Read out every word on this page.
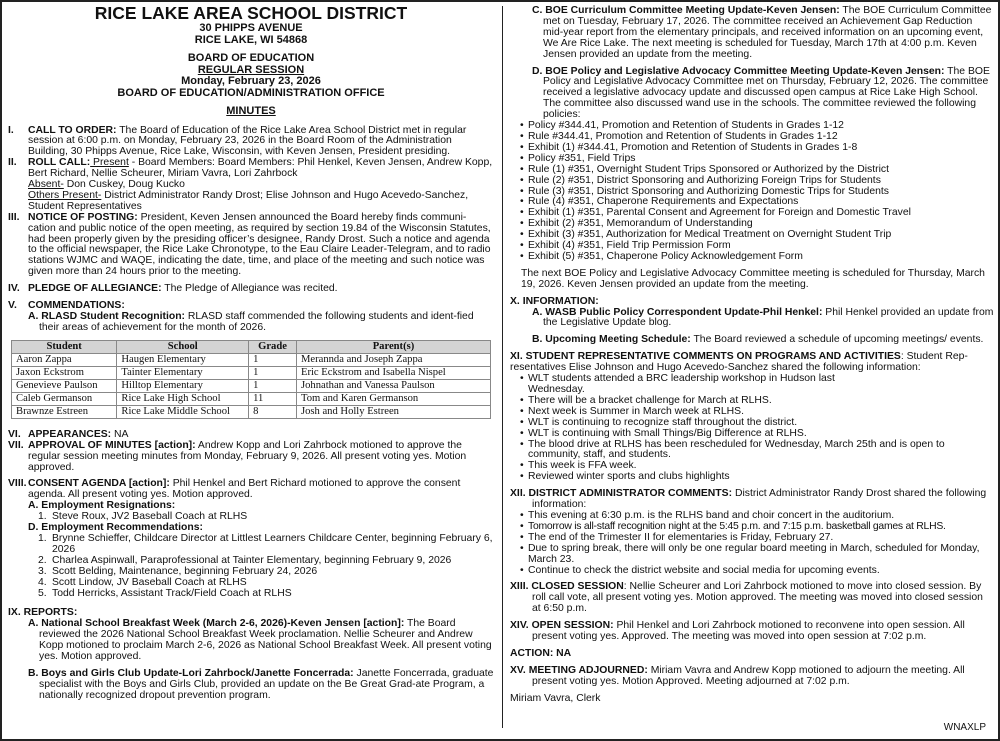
RICE LAKE AREA SCHOOL DISTRICT
30 PHIPPS AVENUE
RICE LAKE, WI 54868
BOARD OF EDUCATION
REGULAR SESSION
Monday, February 23, 2026
BOARD OF EDUCATION/ADMINISTRATION OFFICE
MINUTES
I. CALL TO ORDER: The Board of Education of the Rice Lake Area School District met in regular session at 6:00 p.m. on Monday, February 23, 2026 in the Board Room of the Administration Building, 30 Phipps Avenue, Rice Lake, Wisconsin, with Keven Jensen, President presiding.
II. ROLL CALL: Present - Board Members: Board Members: Phil Henkel, Keven Jensen, Andrew Kopp, Bert Richard, Nellie Scheurer, Miriam Vavra, Lori Zahrbock
Absent- Don Cuskey, Doug Kucko
Others Present- District Administrator Randy Drost; Elise Johnson and Hugo Acevedo-Sanchez, Student Representatives
III. NOTICE OF POSTING: President, Keven Jensen announced the Board hereby finds communi-cation and public notice of the open meeting, as required by section 19.84 of the Wisconsin Statutes, had been properly given by the presiding officer’s designee, Randy Drost. Such a notice and agenda to the official newspaper, the Rice Lake Chronotype, to the Eau Claire Leader-Telegram, and to radio stations WJMC and WAQE, indicating the date, time, and place of the meeting and such notice was given more than 24 hours prior to the meeting.
IV. PLEDGE OF ALLEGIANCE: The Pledge of Allegiance was recited.
V. COMMENDATIONS:
A. RLASD Student Recognition: RLASD staff commended the following students and ident-fied their areas of achievement for the month of 2026.
Student	School	Grade	Parent(s)
Aaron Zappa	Haugen Elementary	1	Merannda and Joseph Zappa
Jaxon Eckstrom	Tainter Elementary	1	Eric Eckstrom and Isabella Nispel
Genevieve Paulson	Hilltop Elementary	1	Johnathan and Vanessa Paulson
Caleb Germanson	Rice Lake High School	11	Tom and Karen Germanson
Brawnze Estreen	Rice Lake Middle School	8	Josh and Holly Estreen
VI. APPEARANCES: NA
VII. APPROVAL OF MINUTES [action]: Andrew Kopp and Lori Zahrbock motioned to approve the regular session meeting minutes from Monday, February 9, 2026. All present voting yes. Motion approved.
VIII. CONSENT AGENDA [action]: Phil Henkel and Bert Richard motioned to approve the consent agenda. All present voting yes. Motion approved.
A. Employment Resignations:
1. Steve Roux, JV2 Baseball Coach at RLHS
D. Employment Recommendations:
1. Brynne Schieffer, Childcare Director at Littlest Learners Childcare Center, beginning February 6, 2026
2. Charlea Aspinwall, Paraprofessional at Tainter Elementary, beginning February 9, 2026
3. Scott Belding, Maintenance, beginning February 24, 2026
4. Scott Lindow, JV Baseball Coach at RLHS
5. Todd Herricks, Assistant Track/Field Coach at RLHS
IX. REPORTS:
A. National School Breakfast Week (March 2-6, 2026)-Keven Jensen [action]: The Board reviewed the 2026 National School Breakfast Week proclamation. Nellie Scheurer and Andrew Kopp motioned to proclaim March 2-6, 2026 as National School Breakfast Week. All present voting yes. Motion approved.
B. Boys and Girls Club Update-Lori Zahrbock/Janette Foncerrada: Janette Foncerrada, graduate specialist with the Boys and Girls Club, provided an update on the Be Great Grad-ate Program, a nationally recognized dropout prevention program.
C. BOE Curriculum Committee Meeting Update-Keven Jensen: The BOE Curriculum Committee met on Tuesday, February 17, 2026. The committee received an Achievement Gap Reduction mid-year report from the elementary principals, and received information on an upcoming event, We Are Rice Lake. The next meeting is scheduled for Tuesday, March 17th at 4:00 p.m. Keven Jensen provided an update from the meeting.
D. BOE Policy and Legislative Advocacy Committee Meeting Update-Keven Jensen: The BOE Policy and Legislative Advocacy Committee met on Thursday, February 12, 2026. The committee received a legislative advocacy update and discussed open campus at Rice Lake High School. The committee also discussed wand use in the schools. The committee reviewed the following policies:
• Policy #344.41, Promotion and Retention of Students in Grades 1-12
• Rule #344.41, Promotion and Retention of Students in Grades 1-12
• Exhibit (1) #344.41, Promotion and Retention of Students in Grades 1-8
• Policy #351, Field Trips
• Rule (1) #351, Overnight Student Trips Sponsored or Authorized by the District
• Rule (2) #351, District Sponsoring and Authorizing Foreign Trips for Students
• Rule (3) #351, District Sponsoring and Authorizing Domestic Trips for Students
• Rule (4) #351, Chaperone Requirements and Expectations
• Exhibit (1) #351, Parental Consent and Agreement for Foreign and Domestic Travel
• Exhibit (2) #351, Memorandum of Understanding
• Exhibit (3) #351, Authorization for Medical Treatment on Overnight Student Trip
• Exhibit (4) #351, Field Trip Permission Form
• Exhibit (5) #351, Chaperone Policy Acknowledgement Form
The next BOE Policy and Legislative Advocacy Committee meeting is scheduled for Thursday, March 19, 2026. Keven Jensen provided an update from the meeting.
X. INFORMATION:
A. WASB Public Policy Correspondent Update-Phil Henkel: Phil Henkel provided an update from the Legislative Update blog.
B. Upcoming Meeting Schedule: The Board reviewed a schedule of upcoming meetings/ events.
XI. STUDENT REPRESENTATIVE COMMENTS ON PROGRAMS AND ACTIVITIES: Student Rep-resentatives Elise Johnson and Hugo Acevedo-Sanchez shared the following information:
• WLT students attended a BRC leadership workshop in Hudson last Wednesday.
• There will be a bracket challenge for March at RLHS.
• Next week is Summer in March week at RLHS.
• WLT is continuing to recognize staff throughout the district.
• WLT is continuing with Small Things/Big Difference at RLHS.
• The blood drive at RLHS has been rescheduled for Wednesday, March 25th and is open to community, staff, and students.
• This week is FFA week.
• Reviewed winter sports and clubs highlights
XII. DISTRICT ADMINISTRATOR COMMENTS: District Administrator Randy Drost shared the following information:
• This evening at 6:30 p.m. is the RLHS band and choir concert in the auditorium.
• Tomorrow is all-staff recognition night at the 5:45 p.m. and 7:15 p.m. basketball games at RLHS.
• The end of the Trimester II for elementaries is Friday, February 27.
• Due to spring break, there will only be one regular board meeting in March, scheduled for Monday, March 23.
• Continue to check the district website and social media for upcoming events.
XIII. CLOSED SESSION: Nellie Scheurer and Lori Zahrbock motioned to move into closed session. By roll call vote, all present voting yes. Motion approved. The meeting was moved into closed session at 6:50 p.m.
XIV. OPEN SESSION: Phil Henkel and Lori Zahrbock motioned to reconvene into open session. All present voting yes. Approved. The meeting was moved into open session at 7:02 p.m.
ACTION: NA
XV. MEETING ADJOURNED: Miriam Vavra and Andrew Kopp motioned to adjourn the meeting. All present voting yes. Motion Approved. Meeting adjourned at 7:02 p.m.
Miriam Vavra, Clerk
WNAXLP
